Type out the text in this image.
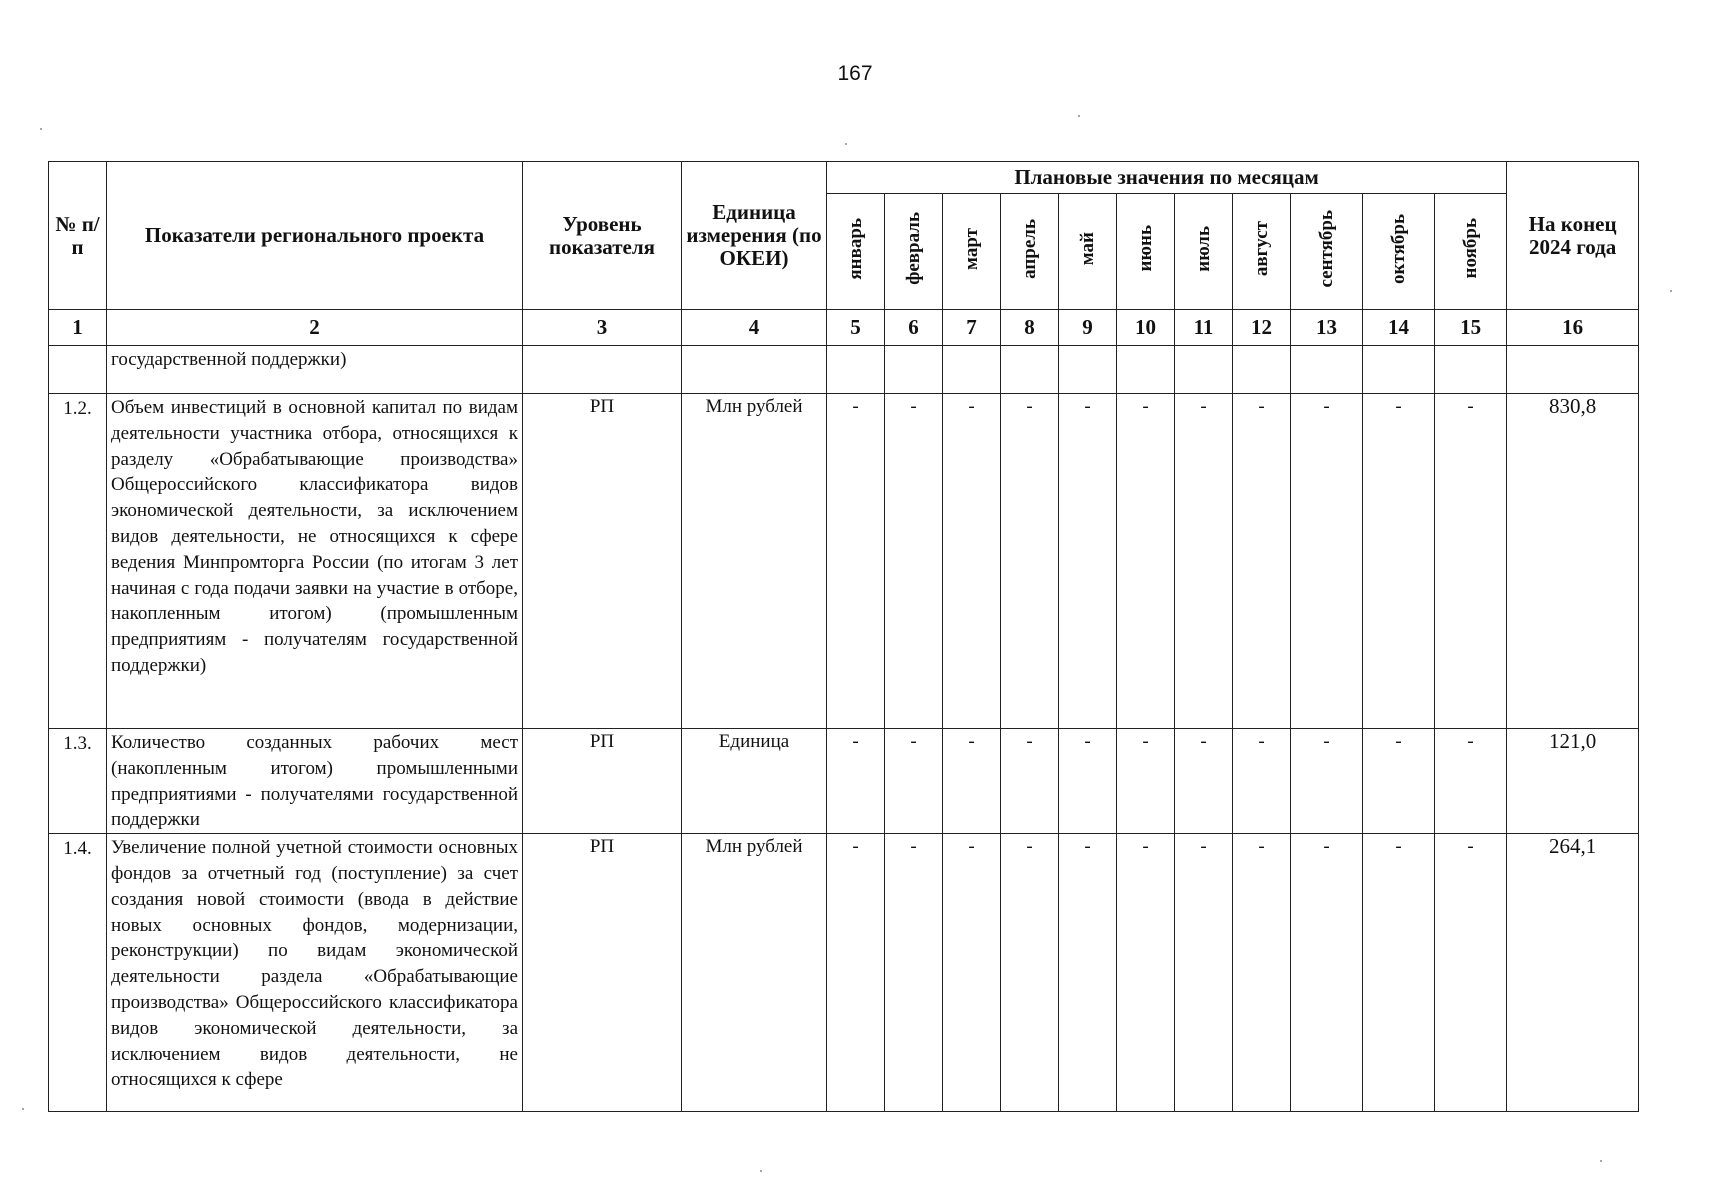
167
№ п/п	Показатели регионального проекта	Уровень показателя	Единица измерения (по ОКЕИ)	Плановые значения по месяцам											На конец 2024 года
				январь	февраль	март	апрель	май	июнь	июль	август	сентябрь	октябрь	ноябрь	
1	2	3	4	5	6	7	8	9	10	11	12	13	14	15	16
	государственной поддержки)														
1.2.	Объем инвестиций в основной капитал по видам деятельности участника отбора, относящихся к разделу «Обрабатывающие производства» Общероссийского классификатора видов экономической деятельности, за исключением видов деятельности, не относящихся к сфере ведения Минпромторга России (по итогам 3 лет начиная с года подачи заявки на участие в отборе, накопленным итогом) (промышленным предприятиям - получателям государственной поддержки)	РП	Млн рублей	-	-	-	-	-	-	-	-	-	-	-	830,8
1.3.	Количество созданных рабочих мест (накопленным итогом) промышленными предприятиями - получателями государственной поддержки	РП	Единица	-	-	-	-	-	-	-	-	-	-	-	121,0
1.4.	Увеличение полной учетной стоимости основных фондов за отчетный год (поступление) за счет создания новой стоимости (ввода в действие новых основных фондов, модернизации, реконструкции) по видам экономической деятельности раздела «Обрабатывающие производства» Общероссийского классификатора видов экономической деятельности, за исключением видов деятельности, не относящихся к сфере	РП	Млн рублей	-	-	-	-	-	-	-	-	-	-	-	264,1
